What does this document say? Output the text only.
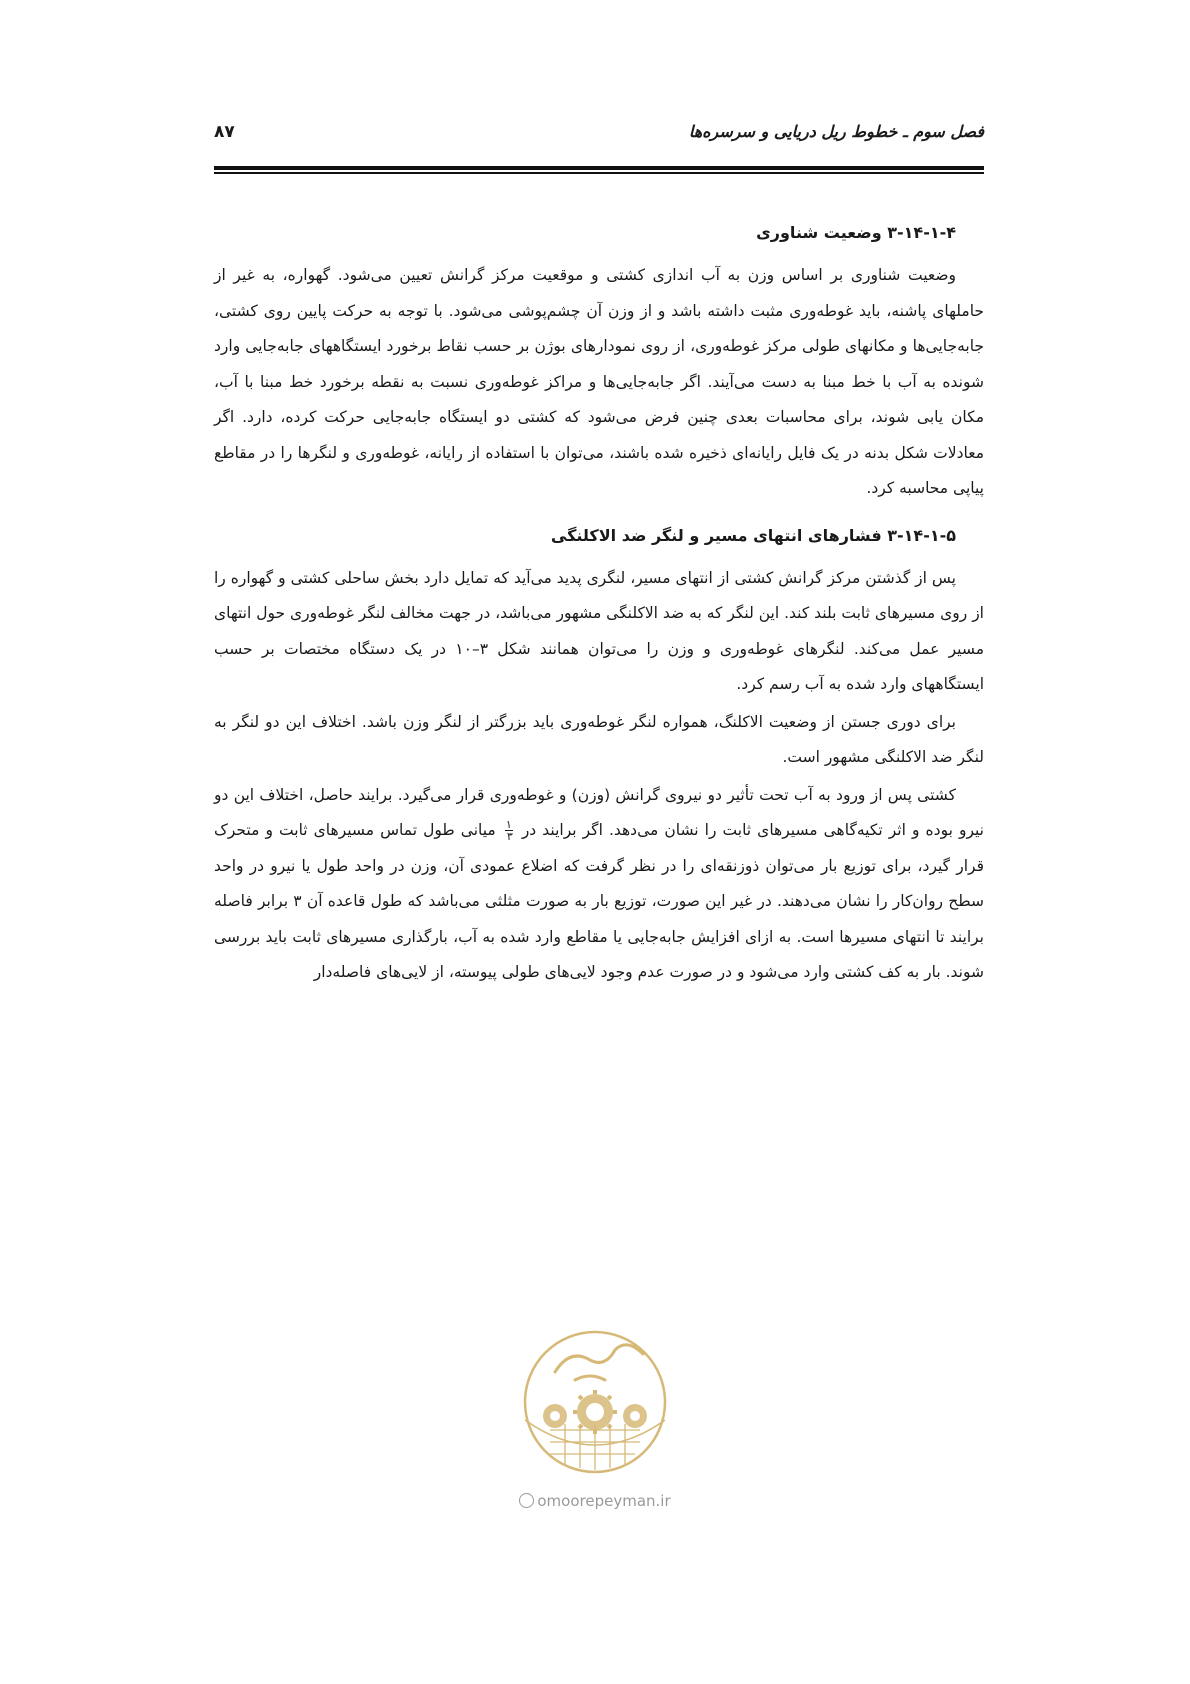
فصل سوم ـ خطوط ریل دریایی و سرسره‌ها
۸۷
۳-۱۴-۱-۴ وضعیت شناوری

وضعیت شناوری بر اساس وزن به آب اندازی کشتی و موقعیت مرکز گرانش تعیین می‌شود. گهواره، به غیر از حاملهای پاشنه، باید غوطه‌وری مثبت داشته باشد و از وزن آن چشم‌پوشی می‌شود. با توجه به حرکت پایین روی کشتی، جابه‌جایی‌ها و مکانهای طولی مرکز غوطه‌وری، از روی نمودارهای بوژن بر حسب نقاط برخورد ایستگاههای جابه‌جایی وارد شونده به آب با خط مبنا به دست می‌آیند. اگر جابه‌جایی‌ها و مراکز غوطه‌وری نسبت به نقطه برخورد خط مبنا با آب، مکان یابی شوند، برای محاسبات بعدی چنین فرض می‌شود که کشتی دو ایستگاه جابه‌جایی حرکت کرده، دارد. اگر معادلات شکل بدنه در یک فایل رایانه‌ای ذخیره شده باشند، می‌توان با استفاده از رایانه، غوطه‌وری و لنگرها را در مقاطع پیاپی محاسبه کرد.

۳-۱۴-۱-۵ فشارهای انتهای مسیر و لنگر ضد الاکلنگی

پس از گذشتن مرکز گرانش کشتی از انتهای مسیر، لنگری پدید می‌آید که تمایل دارد بخش ساحلی کشتی و گهواره را از روی مسیرهای ثابت بلند کند. این لنگر که به ضد الاکلنگی مشهور می‌باشد، در جهت مخالف لنگر غوطه‌وری حول انتهای مسیر عمل می‌کند. لنگرهای غوطه‌وری و وزن را می‌توان همانند شکل ۳–۱۰ در یک دستگاه مختصات بر حسب ایستگاههای وارد شده به آب رسم کرد.

برای دوری جستن از وضعیت الاکلنگ، همواره لنگر غوطه‌وری باید بزرگتر از لنگر وزن باشد. اختلاف این دو لنگر به لنگر ضد الاکلنگی مشهور است.

کشتی پس از ورود به آب تحت تأثیر دو نیروی گرانش (وزن) و غوطه‌وری قرار می‌گیرد. برایند حاصل، اختلاف این دو نیرو بوده و اثر تکیه‌گاهی مسیرهای ثابت را نشان می‌دهد. اگر برایند در
$\frac{۱}{۳}$
میانی طول تماس مسیرهای ثابت و متحرک قرار گیرد، برای توزیع بار می‌توان ذوزنقه‌ای را در نظر گرفت که اضلاع عمودی آن، وزن در واحد طول یا نیرو در واحد سطح روان‌کار را نشان می‌دهند. در غیر این صورت، توزیع بار به صورت مثلثی می‌باشد که طول قاعده آن ۳ برابر فاصله برایند تا انتهای مسیرها است. به ازای افزایش جابه‌جایی یا مقاطع وارد شده به آب، بارگذاری مسیرهای ثابت باید بررسی شوند. بار به کف کشتی وارد می‌شود و در صورت عدم وجود لایی‌های طولی پیوسته، از لایی‌های فاصله‌دار

omoorepeyman.ir
